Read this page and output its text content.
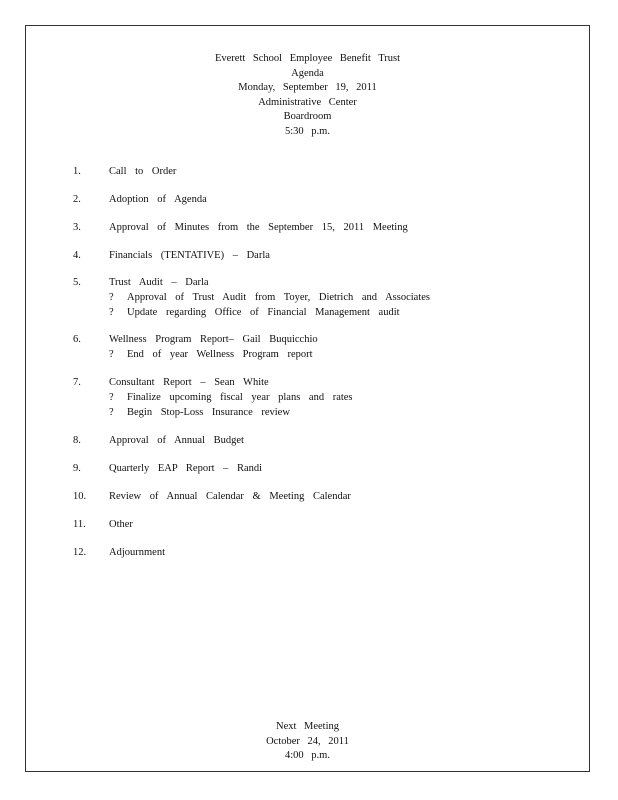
Everett School Employee Benefit Trust
Agenda
Monday, September 19, 2011
Administrative Center
Boardroom
5:30 p.m.
1.	Call to Order
2.	Adoption of Agenda
3.	Approval of Minutes from the September 15, 2011 Meeting
4.	Financials (TENTATIVE) – Darla
5.	Trust Audit – Darla
? Approval of Trust Audit from Toyer, Dietrich and Associates
? Update regarding Office of Financial Management audit
6.	Wellness Program Report– Gail Buquicchio
? End of year Wellness Program report
7.	Consultant Report – Sean White
? Finalize upcoming fiscal year plans and rates
? Begin Stop-Loss Insurance review
8.	Approval of Annual Budget
9.	Quarterly EAP Report – Randi
10. Review of Annual Calendar & Meeting Calendar
11. Other
12. Adjournment
Next Meeting
October 24, 2011
4:00 p.m.
